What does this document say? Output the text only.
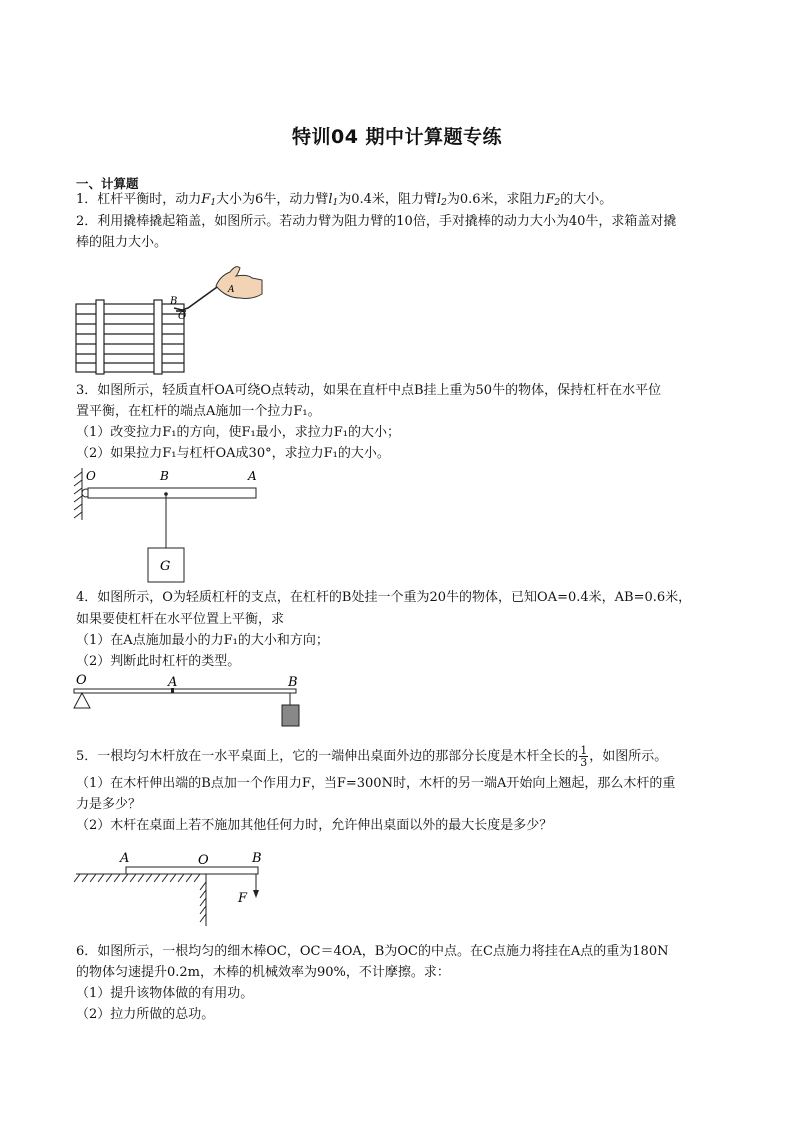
特训04 期中计算题专练
一、计算题
1．杠杆平衡时，动力$F_1$大小为6牛，动力臂$l_1$为0.4米，阻力臂$l_2$为0.6米，求阻力$F_2$的大小。
2．利用撬棒撬起箱盖，如图所示。若动力臂为阻力臂的10倍，手对撬棒的动力大小为40牛，求箱盖对撬
棒的阻力大小。
B
O
A
3．如图所示，轻质直杆OA可绕O点转动，如果在直杆中点B挂上重为50牛的物体，保持杠杆在水平位
置平衡，在杠杆的端点A施加一个拉力F₁。
（1）改变拉力F₁的方向，使F₁最小，求拉力F₁的大小；
（2）如果拉力F₁与杠杆OA成30°，求拉力F₁的大小。
O	B	A
G
4．如图所示，O为轻质杠杆的支点，在杠杆的B处挂一个重为20牛的物体，已知OA=0.4米，AB=0.6米，
如果要使杠杆在水平位置上平衡，求
（1）在A点施加最小的力F₁的大小和方向；
（2）判断此时杠杆的类型。
O	A	B
5．一根均匀木杆放在一水平桌面上，它的一端伸出桌面外边的那部分长度是木杆全长的 $\frac{1}{3}$ ，如图所示。
（1）在木杆伸出端的B点加一个作用力F，当F=300N时，木杆的另一端A开始向上翘起，那么木杆的重
力是多少？
（2）木杆在桌面上若不施加其他任何力时，允许伸出桌面以外的最大长度是多少？
A	O	B
F
6．如图所示，一根均匀的细木棒OC，OC＝4OA，B为OC的中点。在C点施力将挂在A点的重为180N
的物体匀速提升0.2m，木棒的机械效率为90%，不计摩擦。求：
（1）提升该物体做的有用功。
（2）拉力所做的总功。
